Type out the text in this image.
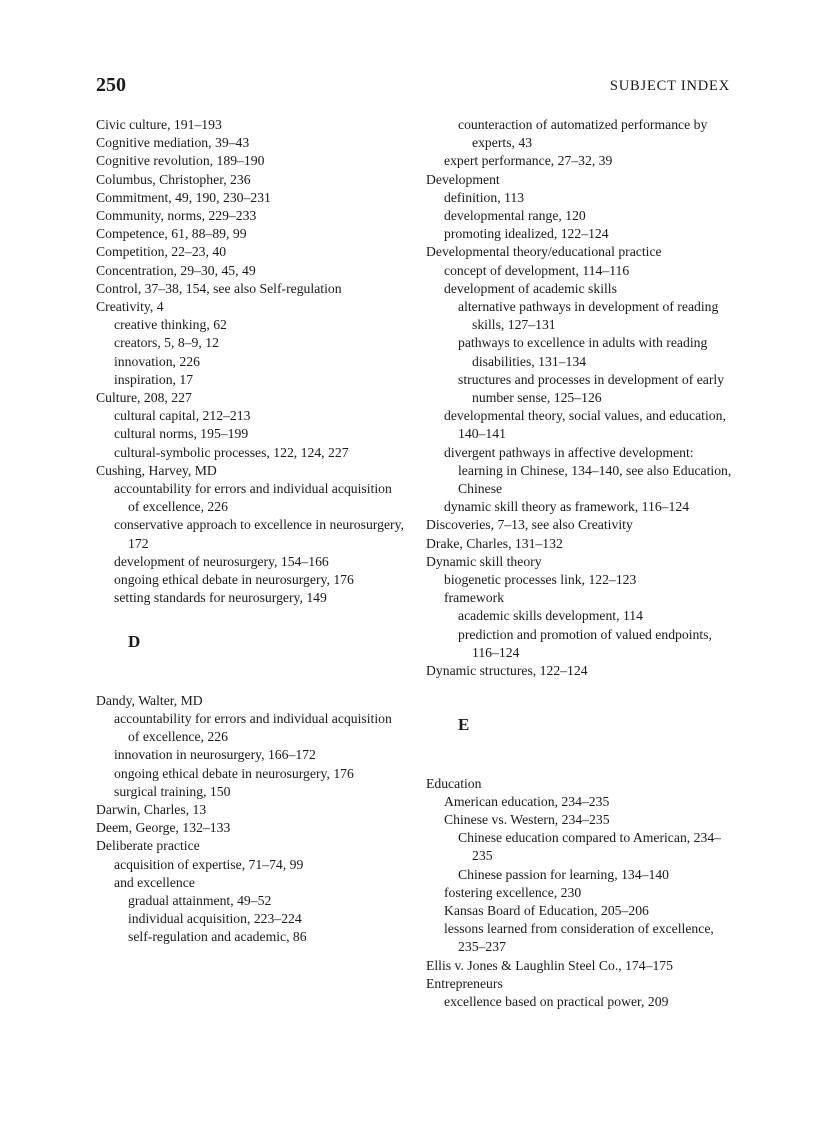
250	SUBJECT INDEX
Civic culture, 191–193
Cognitive mediation, 39–43
Cognitive revolution, 189–190
Columbus, Christopher, 236
Commitment, 49, 190, 230–231
Community, norms, 229–233
Competence, 61, 88–89, 99
Competition, 22–23, 40
Concentration, 29–30, 45, 49
Control, 37–38, 154, see also Self-regulation
Creativity, 4
creative thinking, 62
creators, 5, 8–9, 12
innovation, 226
inspiration, 17
Culture, 208, 227
cultural capital, 212–213
cultural norms, 195–199
cultural-symbolic processes, 122, 124, 227
Cushing, Harvey, MD
accountability for errors and individual acquisition of excellence, 226
conservative approach to excellence in neurosurgery, 172
development of neurosurgery, 154–166
ongoing ethical debate in neurosurgery, 176
setting standards for neurosurgery, 149
D
Dandy, Walter, MD
accountability for errors and individual acquisition of excellence, 226
innovation in neurosurgery, 166–172
ongoing ethical debate in neurosurgery, 176
surgical training, 150
Darwin, Charles, 13
Deem, George, 132–133
Deliberate practice
acquisition of expertise, 71–74, 99
and excellence
gradual attainment, 49–52
individual acquisition, 223–224
self-regulation and academic, 86
counteraction of automatized performance by experts, 43
expert performance, 27–32, 39
Development
definition, 113
developmental range, 120
promoting idealized, 122–124
Developmental theory/educational practice
concept of development, 114–116
development of academic skills
alternative pathways in development of reading skills, 127–131
pathways to excellence in adults with reading disabilities, 131–134
structures and processes in development of early number sense, 125–126
developmental theory, social values, and education, 140–141
divergent pathways in affective development: learning in Chinese, 134–140, see also Education, Chinese
dynamic skill theory as framework, 116–124
Discoveries, 7–13, see also Creativity
Drake, Charles, 131–132
Dynamic skill theory
biogenetic processes link, 122–123
framework
academic skills development, 114
prediction and promotion of valued endpoints, 116–124
Dynamic structures, 122–124
E
Education
American education, 234–235
Chinese vs. Western, 234–235
Chinese education compared to American, 234–235
Chinese passion for learning, 134–140
fostering excellence, 230
Kansas Board of Education, 205–206
lessons learned from consideration of excellence, 235–237
Ellis v. Jones & Laughlin Steel Co., 174–175
Entrepreneurs
excellence based on practical power, 209
